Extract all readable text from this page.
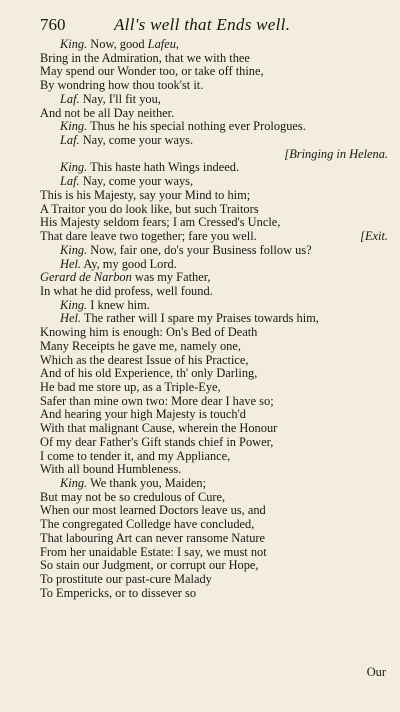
760	All's well that Ends well.
King. Now, good Lafeu,
Bring in the Admiration, that we with thee
May spend our Wonder too, or take off thine,
By wondring how thou took'st it.
Laf. Nay, I'll fit you,
And not be all Day neither.
King. Thus he his special nothing ever Prologues.
Laf. Nay, come your ways.
[Bringing in Helena.
King. This haste hath Wings indeed.
Laf. Nay, come your ways,
This is his Majesty, say your Mind to him;
A Traitor you do look like, but such Traitors
His Majesty seldom fears; I am Cressed's Uncle,
That dare leave two together; fare you well.	[Exit.
King. Now, fair one, do's your Business follow us?
Hel. Ay, my good Lord.
Gerard de Narbon was my Father,
In what he did profess, well found.
King. I knew him.
Hel. The rather will I spare my Praises towards him,
Knowing him is enough: On's Bed of Death
Many Receipts he gave me, namely one,
Which as the dearest Issue of his Practice,
And of his old Experience, th' only Darling,
He bad me store up, as a Triple-Eye,
Safer than mine own two: More dear I have so;
And hearing your high Majesty is touch'd
With that malignant Cause, wherein the Honour
Of my dear Father's Gift stands chief in Power,
I come to tender it, and my Appliance,
With all bound Humbleness.
King. We thank you, Maiden;
But may not be so credulous of Cure,
When our most learned Doctors leave us, and
The congregated Colledge have concluded,
That labouring Art can never ransome Nature
From her unaidable Estate: I say, we must not
So stain our Judgment, or corrupt our Hope,
To prostitute our past-cure Malady
To Empericks, or to dissever so
Our
